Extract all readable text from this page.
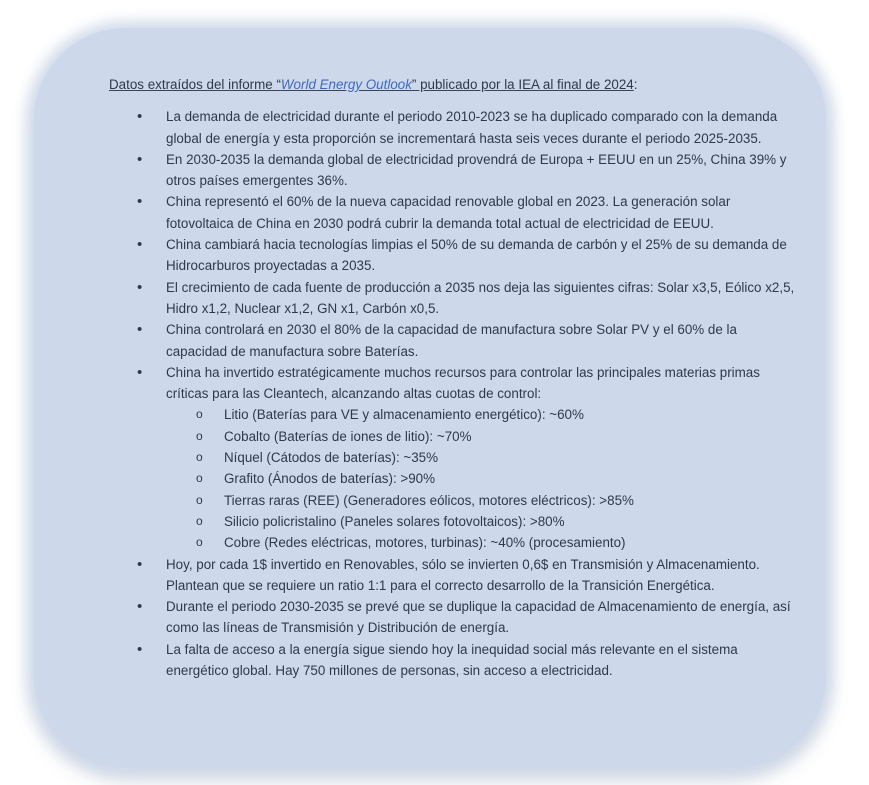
Datos extraídos del informe “World Energy Outlook” publicado por la IEA al final de 2024:

• La demanda de electricidad durante el periodo 2010-2023 se ha duplicado comparado con la demanda global de energía y esta proporción se incrementará hasta seis veces durante el periodo 2025-2035.
• En 2030-2035 la demanda global de electricidad provendrá de Europa + EEUU en un 25%, China 39% y otros países emergentes 36%.
• China representó el 60% de la nueva capacidad renovable global en 2023. La generación solar fotovoltaica de China en 2030 podrá cubrir la demanda total actual de electricidad de EEUU.
• China cambiará hacia tecnologías limpias el 50% de su demanda de carbón y el 25% de su demanda de Hidrocarburos proyectadas a 2035.
• El crecimiento de cada fuente de producción a 2035 nos deja las siguientes cifras: Solar x3,5, Eólico x2,5, Hidro x1,2, Nuclear x1,2, GN x1, Carbón x0,5.
• China controlará en 2030 el 80% de la capacidad de manufactura sobre Solar PV y el 60% de la capacidad de manufactura sobre Baterías.
• China ha invertido estratégicamente muchos recursos para controlar las principales materias primas críticas para las Cleantech, alcanzando altas cuotas de control:
o Litio (Baterías para VE y almacenamiento energético): ~60%
o Cobalto (Baterías de iones de litio): ~70%
o Níquel (Cátodos de baterías): ~35%
o Grafito (Ánodos de baterías): >90%
o Tierras raras (REE) (Generadores eólicos, motores eléctricos): >85%
o Silicio policristalino (Paneles solares fotovoltaicos): >80%
o Cobre (Redes eléctricas, motores, turbinas): ~40% (procesamiento)
• Hoy, por cada 1$ invertido en Renovables, sólo se invierten 0,6$ en Transmisión y Almacenamiento. Plantean que se requiere un ratio 1:1 para el correcto desarrollo de la Transición Energética.
• Durante el periodo 2030-2035 se prevé que se duplique la capacidad de Almacenamiento de energía, así como las líneas de Transmisión y Distribución de energía.
• La falta de acceso a la energía sigue siendo hoy la inequidad social más relevante en el sistema energético global. Hay 750 millones de personas, sin acceso a electricidad.
